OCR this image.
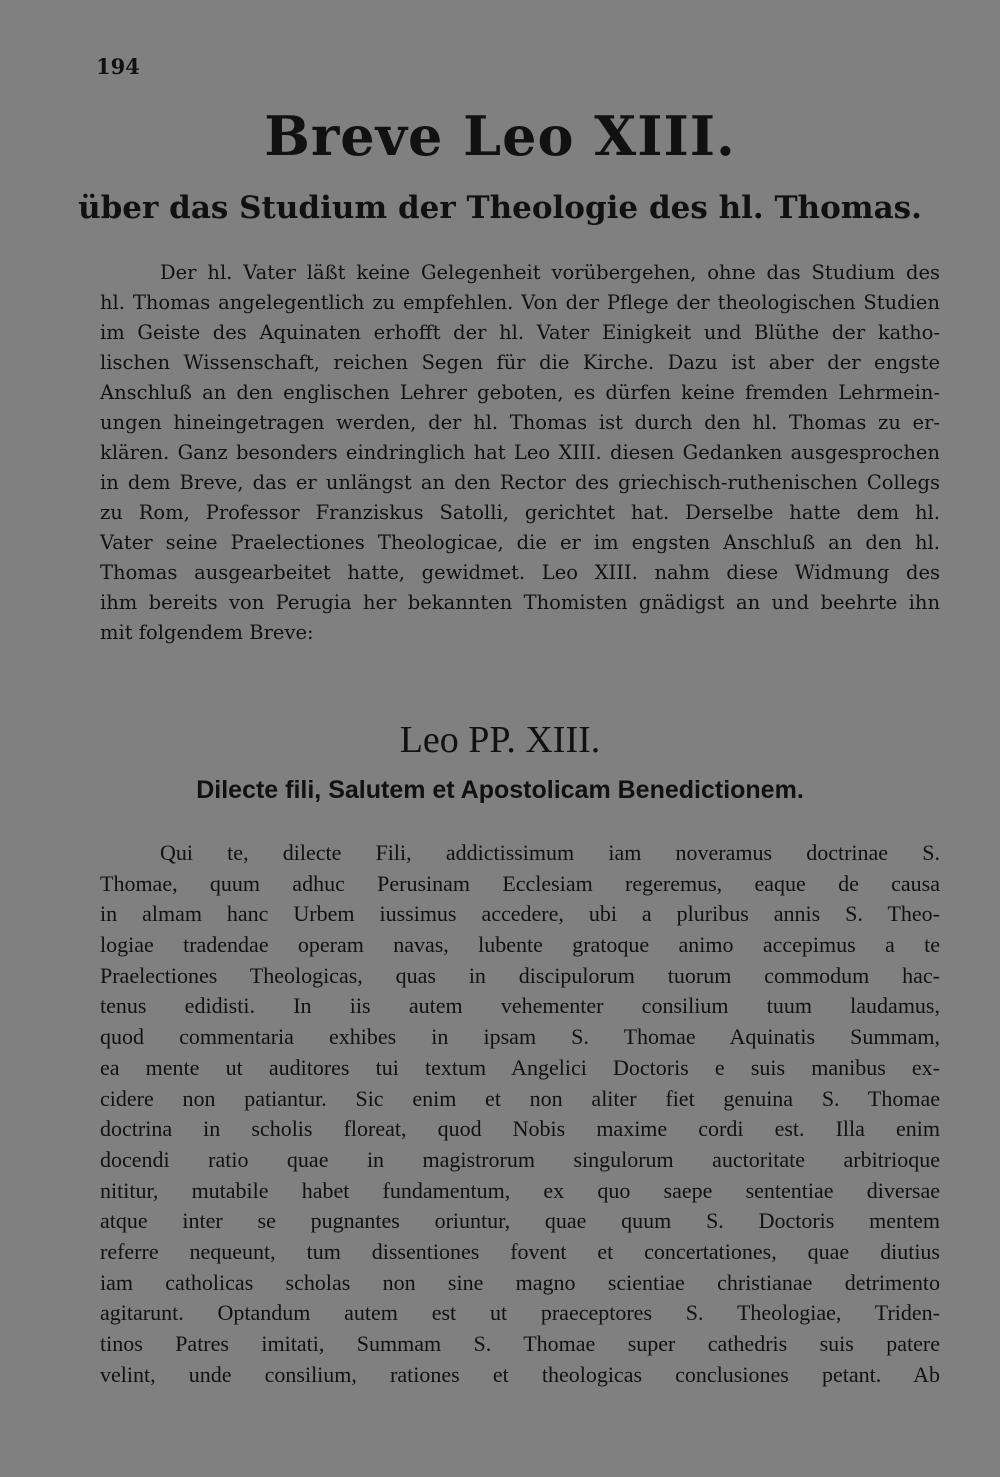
194
Breve Leo XIII.
über das Studium der Theologie des hl. Thomas.
Der hl. Vater läßt keine Gelegenheit vorübergehen, ohne das Studium des
hl. Thomas angelegentlich zu empfehlen. Von der Pflege der theologischen Studien
im Geiste des Aquinaten erhofft der hl. Vater Einigkeit und Blüthe der katho-
lischen Wissenschaft, reichen Segen für die Kirche. Dazu ist aber der engste
Anschluß an den englischen Lehrer geboten, es dürfen keine fremden Lehrmein-
ungen hineingetragen werden, der hl. Thomas ist durch den hl. Thomas zu er-
klären. Ganz besonders eindringlich hat Leo XIII. diesen Gedanken ausgesprochen
in dem Breve, das er unlängst an den Rector des griechisch-ruthenischen Collegs
zu Rom, Professor Franziskus Satolli, gerichtet hat. Derselbe hatte dem hl.
Vater seine Praelectiones Theologicae, die er im engsten Anschluß an den hl.
Thomas ausgearbeitet hatte, gewidmet. Leo XIII. nahm diese Widmung des
ihm bereits von Perugia her bekannten Thomisten gnädigst an und beehrte ihn
mit folgendem Breve:
Leo PP. XIII.
Dilecte fili, Salutem et Apostolicam Benedictionem.
Qui te, dilecte Fili, addictissimum iam noveramus doctrinae S.
Thomae, quum adhuc Perusinam Ecclesiam regeremus, eaque de causa
in almam hanc Urbem iussimus accedere, ubi a pluribus annis S. Theo-
logiae tradendae operam navas, lubente gratoque animo accepimus a te
Praelectiones Theologicas, quas in discipulorum tuorum commodum hac-
tenus edidisti. In iis autem vehementer consilium tuum laudamus,
quod commentaria exhibes in ipsam S. Thomae Aquinatis Summam,
ea mente ut auditores tui textum Angelici Doctoris e suis manibus ex-
cidere non patiantur. Sic enim et non aliter fiet genuina S. Thomae
doctrina in scholis floreat, quod Nobis maxime cordi est. Illa enim
docendi ratio quae in magistrorum singulorum auctoritate arbitrioque
nititur, mutabile habet fundamentum, ex quo saepe sententiae diversae
atque inter se pugnantes oriuntur, quae quum S. Doctoris mentem
referre nequeunt, tum dissentiones fovent et concertationes, quae diutius
iam catholicas scholas non sine magno scientiae christianae detrimento
agitarunt. Optandum autem est ut praeceptores S. Theologiae, Triden-
tinos Patres imitati, Summam S. Thomae super cathedris suis patere
velint, unde consilium, rationes et theologicas conclusiones petant. Ab
